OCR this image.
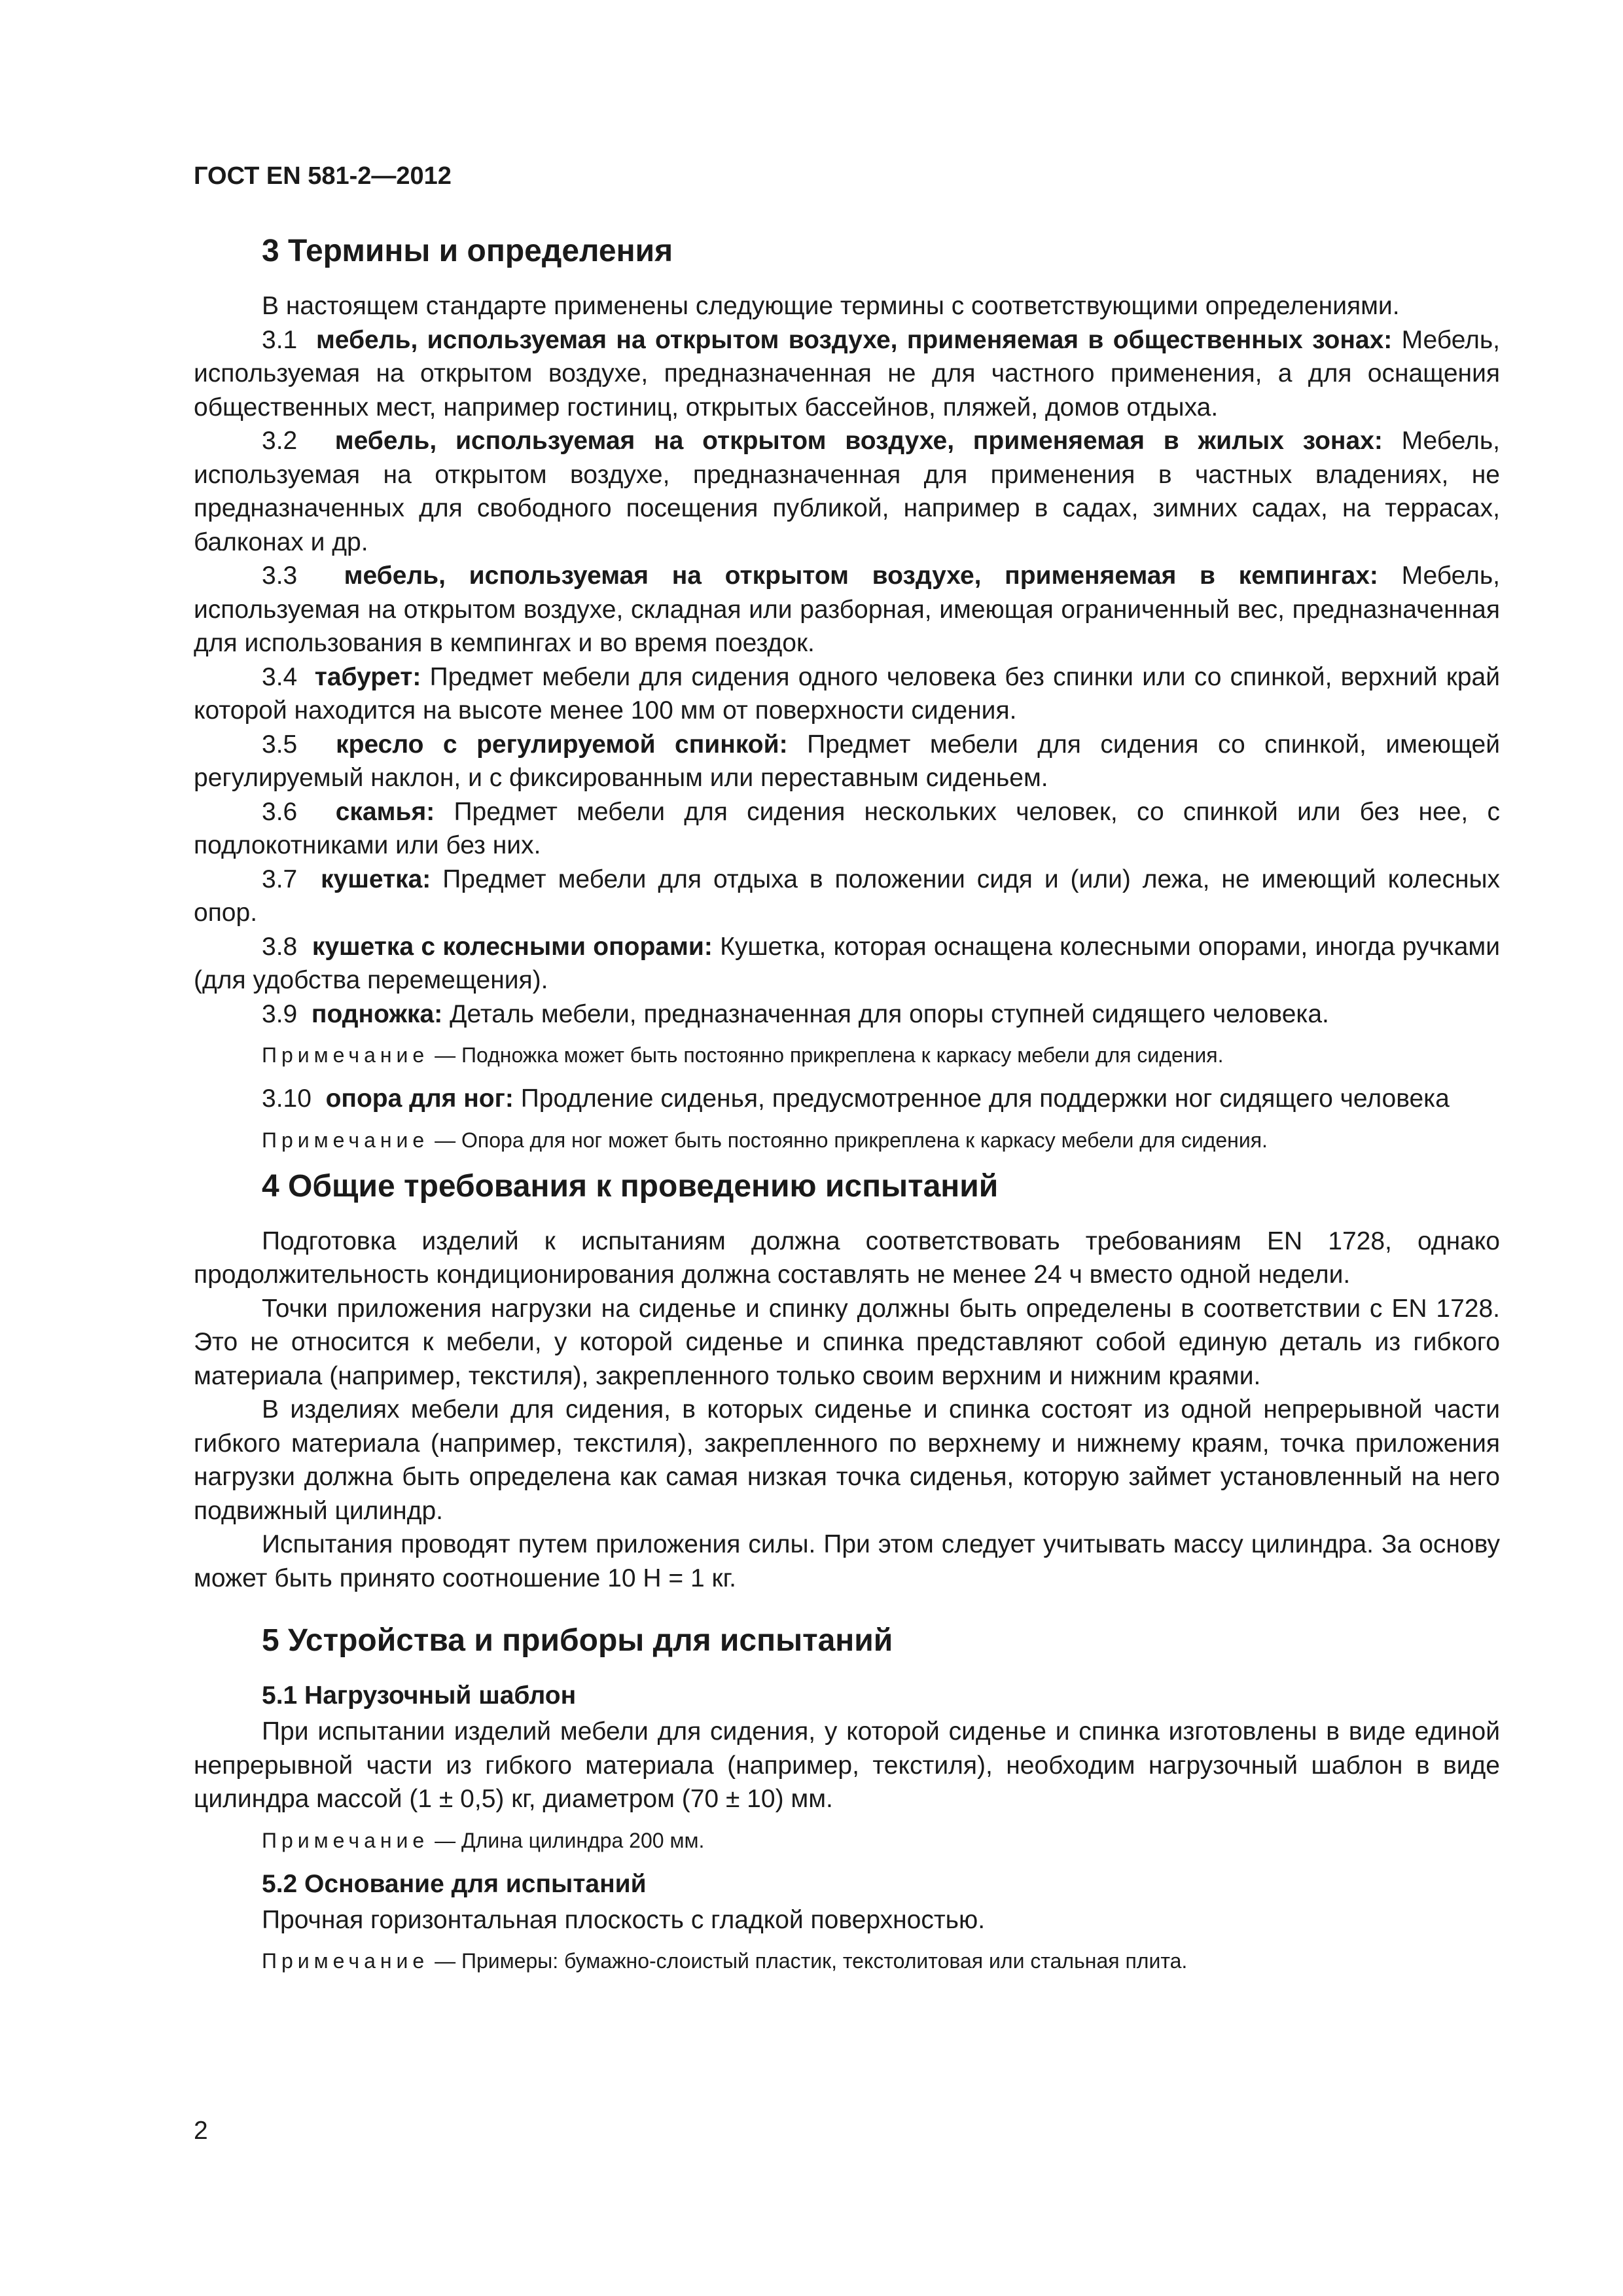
ГОСТ EN 581-2—2012
3 Термины и определения

В настоящем стандарте применены следующие термины с соответствующими определениями.

3.1 мебель, используемая на открытом воздухе, применяемая в общественных зонах: Мебель, используемая на открытом воздухе, предназначенная не для частного применения, а для оснащения общественных мест, например гостиниц, открытых бассейнов, пляжей, домов отдыха.

3.2 мебель, используемая на открытом воздухе, применяемая в жилых зонах: Мебель, используемая на открытом воздухе, предназначенная для применения в частных владениях, не предназначенных для свободного посещения публикой, например в садах, зимних садах, на террасах, балконах и др.

3.3 мебель, используемая на открытом воздухе, применяемая в кемпингах: Мебель, используемая на открытом воздухе, складная или разборная, имеющая ограниченный вес, предназначенная для использования в кемпингах и во время поездок.

3.4 табурет: Предмет мебели для сидения одного человека без спинки или со спинкой, верхний край которой находится на высоте менее 100 мм от поверхности сидения.

3.5 кресло с регулируемой спинкой: Предмет мебели для сидения со спинкой, имеющей регулируемый наклон, и с фиксированным или переставным сиденьем.

3.6 скамья: Предмет мебели для сидения нескольких человек, со спинкой или без нее, с подлокотниками или без них.

3.7 кушетка: Предмет мебели для отдыха в положении сидя и (или) лежа, не имеющий колесных опор.

3.8 кушетка с колесными опорами: Кушетка, которая оснащена колесными опорами, иногда ручками (для удобства перемещения).

3.9 подножка: Деталь мебели, предназначенная для опоры ступней сидящего человека.

Примечание — Подножка может быть постоянно прикреплена к каркасу мебели для сидения.

3.10 опора для ног: Продление сиденья, предусмотренное для поддержки ног сидящего человека

Примечание — Опора для ног может быть постоянно прикреплена к каркасу мебели для сидения.
4 Общие требования к проведению испытаний

Подготовка изделий к испытаниям должна соответствовать требованиям EN 1728, однако продолжительность кондиционирования должна составлять не менее 24 ч вместо одной недели.

Точки приложения нагрузки на сиденье и спинку должны быть определены в соответствии с EN 1728. Это не относится к мебели, у которой сиденье и спинка представляют собой единую деталь из гибкого материала (например, текстиля), закрепленного только своим верхним и нижним краями.

В изделиях мебели для сидения, в которых сиденье и спинка состоят из одной непрерывной части гибкого материала (например, текстиля), закрепленного по верхнему и нижнему краям, точка приложения нагрузки должна быть определена как самая низкая точка сиденья, которую займет установленный на него подвижный цилиндр.

Испытания проводят путем приложения силы. При этом следует учитывать массу цилиндра. За основу может быть принято соотношение 10 Н = 1 кг.

5 Устройства и приборы для испытаний
5.1 Нагрузочный шаблон

При испытании изделий мебели для сидения, у которой сиденье и спинка изготовлены в виде единой непрерывной части из гибкого материала (например, текстиля), необходим нагрузочный шаблон в виде цилиндра массой (1 ± 0,5) кг, диаметром (70 ± 10) мм.

Примечание — Длина цилиндра 200 мм.
5.2 Основание для испытаний

Прочная горизонтальная плоскость с гладкой поверхностью.

Примечание — Примеры: бумажно-слоистый пластик, текстолитовая или стальная плита.
2
